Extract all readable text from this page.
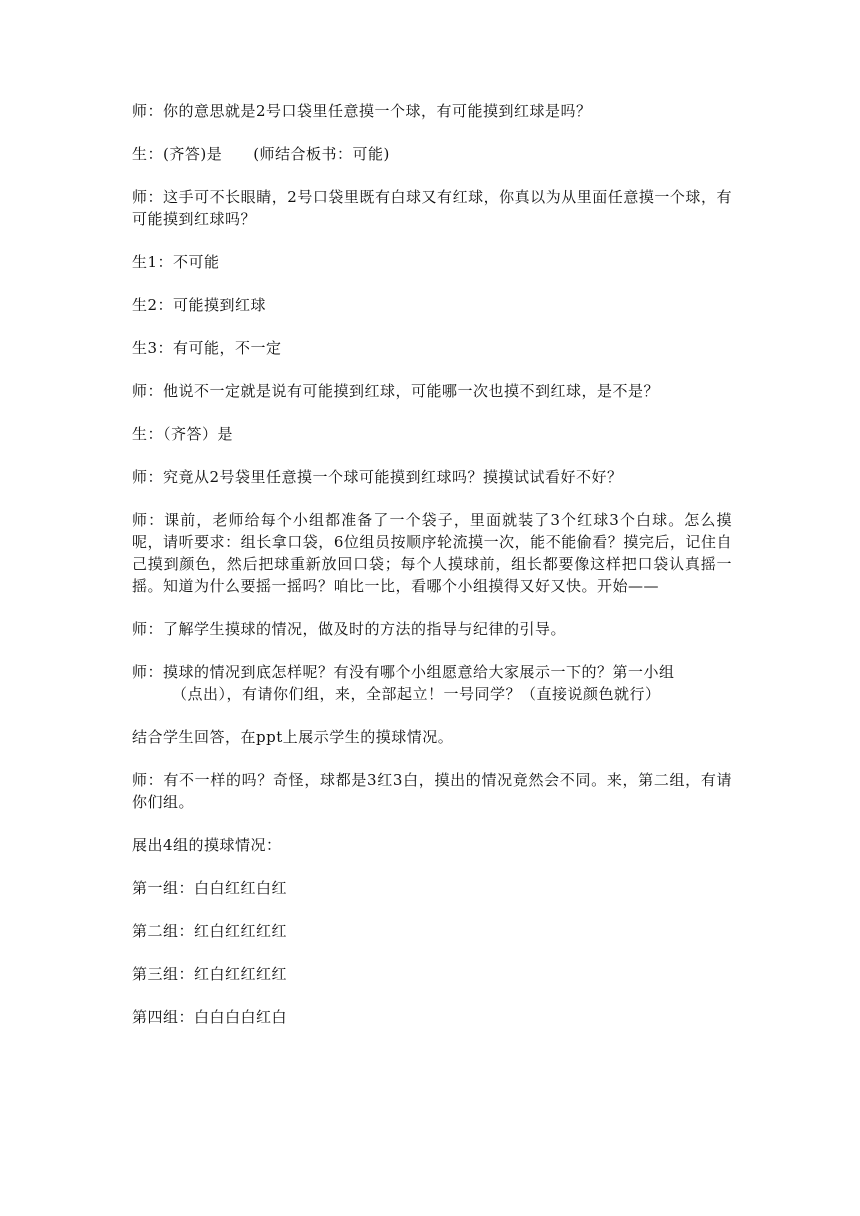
师：你的意思就是2号口袋里任意摸一个球，有可能摸到红球是吗？

生：(齐答)是　　(师结合板书：可能)

师：这手可不长眼睛，2号口袋里既有白球又有红球，你真以为从里面任意摸一个球，有可能摸到红球吗？

生1：不可能

生2：可能摸到红球

生3：有可能，不一定

师：他说不一定就是说有可能摸到红球，可能哪一次也摸不到红球，是不是？

生：（齐答）是

师：究竟从2号袋里任意摸一个球可能摸到红球吗？摸摸试试看好不好？

师：课前，老师给每个小组都准备了一个袋子，里面就装了3个红球3个白球。怎么摸呢，请听要求：组长拿口袋，6位组员按顺序轮流摸一次，能不能偷看？摸完后，记住自己摸到颜色，然后把球重新放回口袋；每个人摸球前，组长都要像这样把口袋认真摇一摇。知道为什么要摇一摇吗？咱比一比，看哪个小组摸得又好又快。开始——

师：了解学生摸球的情况，做及时的方法的指导与纪律的引导。

师：摸球的情况到底怎样呢？有没有哪个小组愿意给大家展示一下的？第一小组
（点出），有请你们组，来，全部起立！一号同学？（直接说颜色就行）

结合学生回答，在ppt上展示学生的摸球情况。

师：有不一样的吗？奇怪，球都是3红3白，摸出的情况竟然会不同。来，第二组，有请你们组。

展出4组的摸球情况：

第一组：白白红红白红

第二组：红白红红红红

第三组：红白红红红红

第四组：白白白白红白
